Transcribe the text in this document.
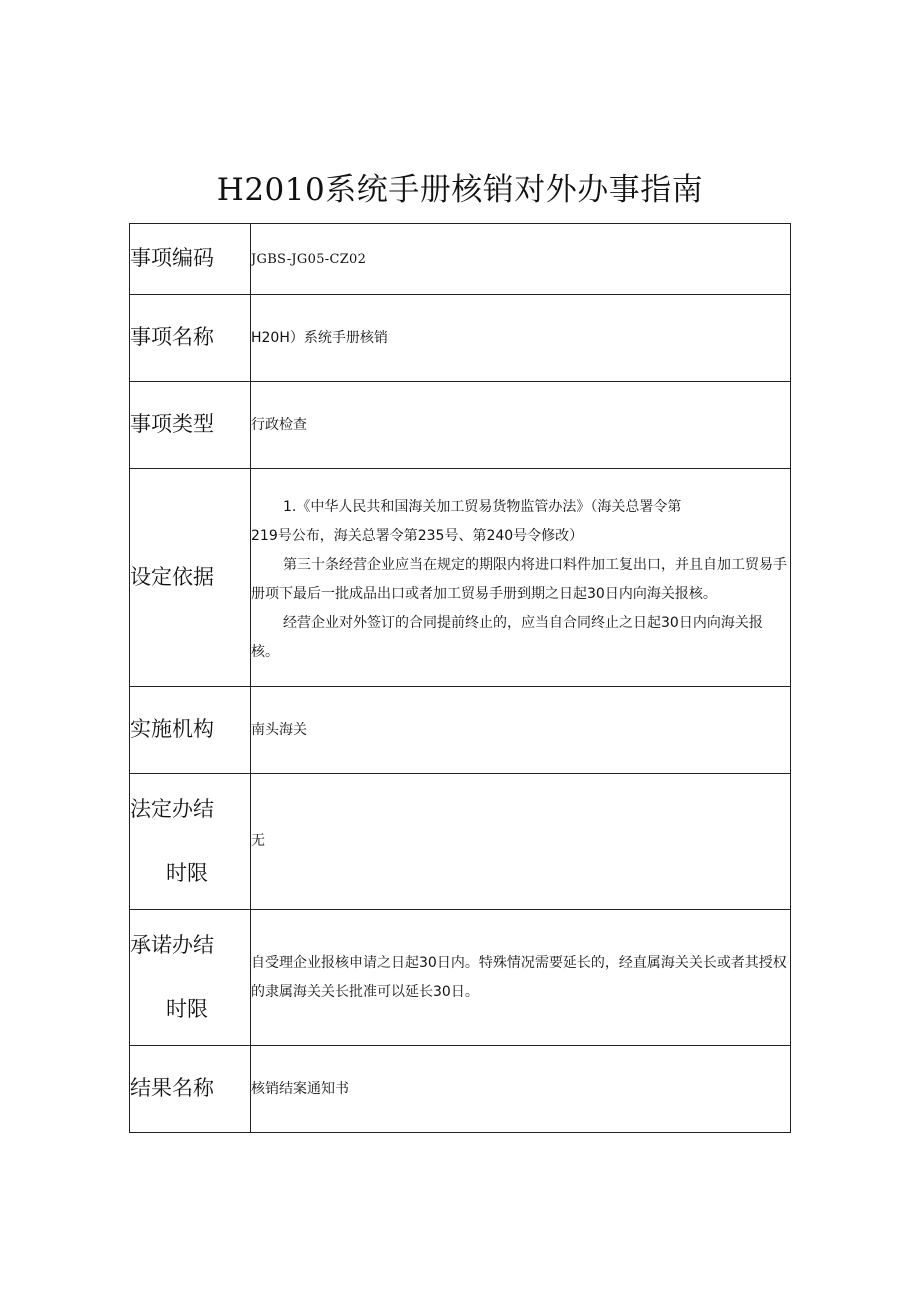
H2010系统手册核销对外办事指南
事项编码	JGBS-JG05-CZ02
事项名称	H20H）系统手册核销
事项类型	行政检查
设定依据	1.《中华人民共和国海关加工贸易货物监管办法》（海关总署令第

219号公布，海关总署令第235号、第240号令修改）

第三十条经营企业应当在规定的期限内将进口料件加工复出口，并且自加工贸易手册项下最后一批成品出口或者加工贸易手册到期之日起30日内向海关报核。

经营企业对外签订的合同提前终止的，应当自合同终止之日起30日内向海关报核。

实施机构	南头海关

法定办结
时限	无

承诺办结
时限	自受理企业报核申请之日起30日内。特殊情况需要延长的，经直属海关关长或者其授权的隶属海关关长批准可以延长30日。
结果名称	核销结案通知书
